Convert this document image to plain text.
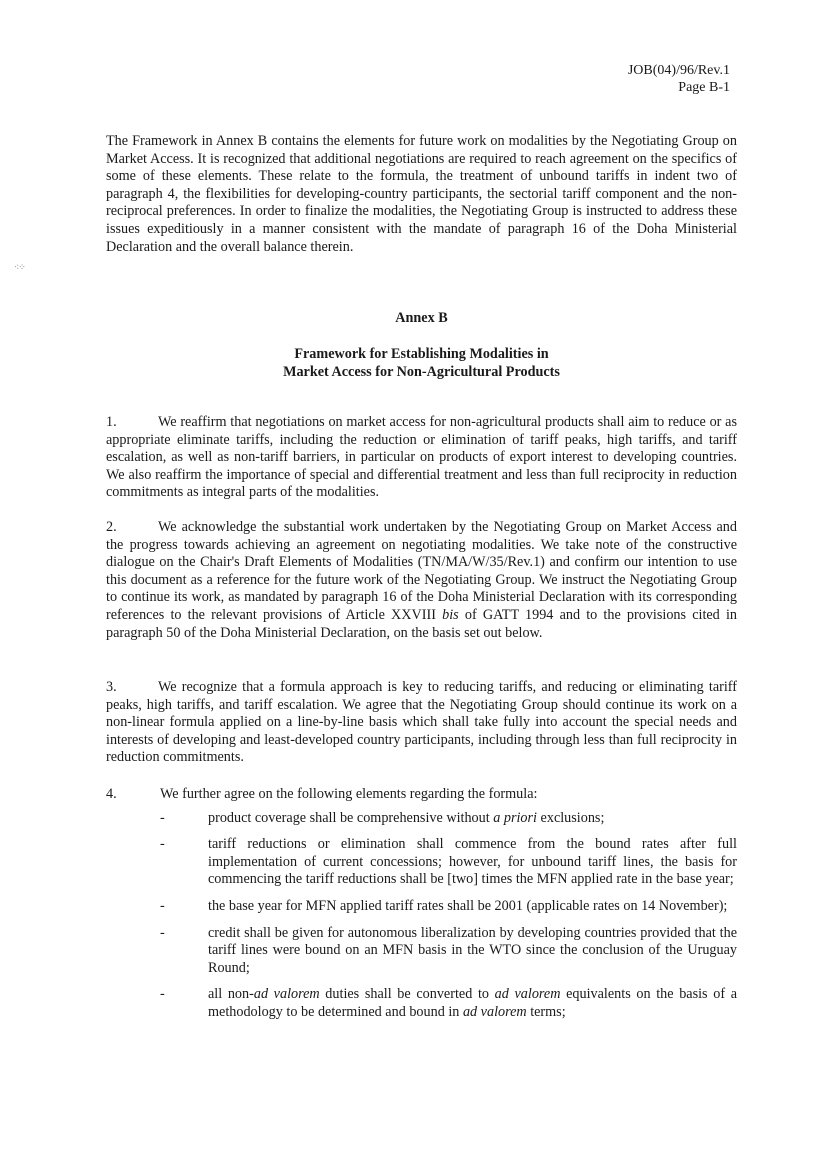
⁖⁘
JOB(04)/96/Rev.1
Page B-1
The Framework in Annex B contains the elements for future work on modalities by the Negotiating Group on Market Access. It is recognized that additional negotiations are required to reach agreement on the specifics of some of these elements. These relate to the formula, the treatment of unbound tariffs in indent two of paragraph 4, the flexibilities for developing-country participants, the sectorial tariff component and the non-reciprocal preferences. In order to finalize the modalities, the Negotiating Group is instructed to address these issues expeditiously in a manner consistent with the mandate of paragraph 16 of the Doha Ministerial Declaration and the overall balance therein.
Annex B
Framework for Establishing Modalities in
Market Access for Non-Agricultural Products
1.	We reaffirm that negotiations on market access for non-agricultural products shall aim to reduce or as appropriate eliminate tariffs, including the reduction or elimination of tariff peaks, high tariffs, and tariff escalation, as well as non-tariff barriers, in particular on products of export interest to developing countries. We also reaffirm the importance of special and differential treatment and less than full reciprocity in reduction commitments as integral parts of the modalities.
2.	We acknowledge the substantial work undertaken by the Negotiating Group on Market Access and the progress towards achieving an agreement on negotiating modalities. We take note of the constructive dialogue on the Chair's Draft Elements of Modalities (TN/MA/W/35/Rev.1) and confirm our intention to use this document as a reference for the future work of the Negotiating Group. We instruct the Negotiating Group to continue its work, as mandated by paragraph 16 of the Doha Ministerial Declaration with its corresponding references to the relevant provisions of Article XXVIII bis of GATT 1994 and to the provisions cited in paragraph 50 of the Doha Ministerial Declaration, on the basis set out below.
3.	We recognize that a formula approach is key to reducing tariffs, and reducing or eliminating tariff peaks, high tariffs, and tariff escalation. We agree that the Negotiating Group should continue its work on a non-linear formula applied on a line-by-line basis which shall take fully into account the special needs and interests of developing and least-developed country participants, including through less than full reciprocity in reduction commitments.
4.	We further agree on the following elements regarding the formula:
-	product coverage shall be comprehensive without a priori exclusions;
-	tariff reductions or elimination shall commence from the bound rates after full implementation of current concessions; however, for unbound tariff lines, the basis for commencing the tariff reductions shall be [two] times the MFN applied rate in the base year;
-	the base year for MFN applied tariff rates shall be 2001 (applicable rates on 14 November);
-	credit shall be given for autonomous liberalization by developing countries provided that the tariff lines were bound on an MFN basis in the WTO since the conclusion of the Uruguay Round;
-	all non-ad valorem duties shall be converted to ad valorem equivalents on the basis of a methodology to be determined and bound in ad valorem terms;
